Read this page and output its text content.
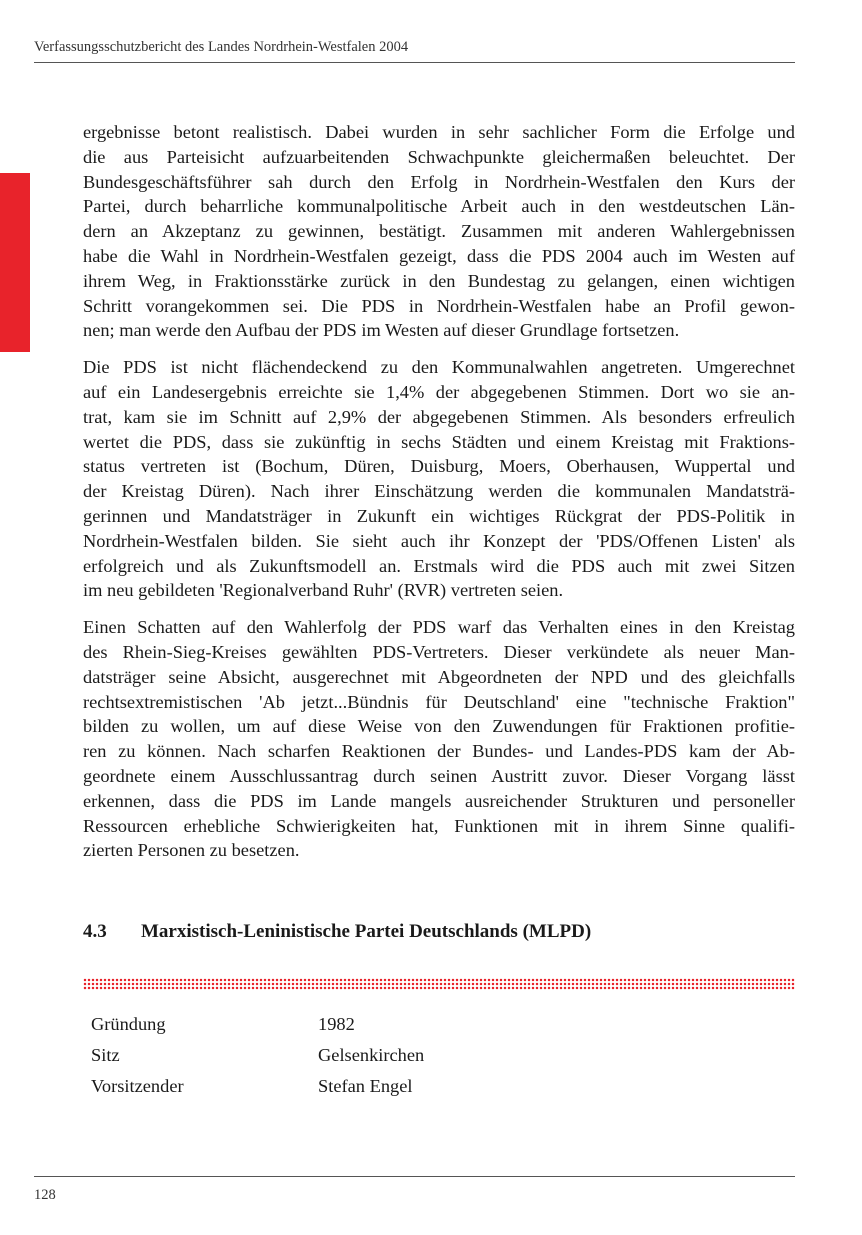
Verfassungsschutzbericht des Landes Nordrhein-Westfalen 2004

ergebnisse betont realistisch. Dabei wurden in sehr sachlicher Form die Erfolge und
die aus Parteisicht aufzuarbeitenden Schwachpunkte gleichermaßen beleuchtet. Der
Bundesgeschäftsführer sah durch den Erfolg in Nordrhein-Westfalen den Kurs der
Partei, durch beharrliche kommunalpolitische Arbeit auch in den westdeutschen Län-
dern an Akzeptanz zu gewinnen, bestätigt. Zusammen mit anderen Wahlergebnissen
habe die Wahl in Nordrhein-Westfalen gezeigt, dass die PDS 2004 auch im Westen auf
ihrem Weg, in Fraktionsstärke zurück in den Bundestag zu gelangen, einen wichtigen
Schritt vorangekommen sei. Die PDS in Nordrhein-Westfalen habe an Profil gewon-
nen; man werde den Aufbau der PDS im Westen auf dieser Grundlage fortsetzen.

Die PDS ist nicht flächendeckend zu den Kommunalwahlen angetreten. Umgerechnet
auf ein Landesergebnis erreichte sie 1,4% der abgegebenen Stimmen. Dort wo sie an-
trat, kam sie im Schnitt auf 2,9% der abgegebenen Stimmen. Als besonders erfreulich
wertet die PDS, dass sie zukünftig in sechs Städten und einem Kreistag mit Fraktions-
status vertreten ist (Bochum, Düren, Duisburg, Moers, Oberhausen, Wuppertal und
der Kreistag Düren). Nach ihrer Einschätzung werden die kommunalen Mandatsträ-
gerinnen und Mandatsträger in Zukunft ein wichtiges Rückgrat der PDS-Politik in
Nordrhein-Westfalen bilden. Sie sieht auch ihr Konzept der 'PDS/Offenen Listen' als
erfolgreich und als Zukunftsmodell an. Erstmals wird die PDS auch mit zwei Sitzen
im neu gebildeten 'Regionalverband Ruhr' (RVR) vertreten seien.

Einen Schatten auf den Wahlerfolg der PDS warf das Verhalten eines in den Kreistag
des Rhein-Sieg-Kreises gewählten PDS-Vertreters. Dieser verkündete als neuer Man-
datsträger seine Absicht, ausgerechnet mit Abgeordneten der NPD und des gleichfalls
rechtsextremistischen 'Ab jetzt...Bündnis für Deutschland' eine "technische Fraktion"
bilden zu wollen, um auf diese Weise von den Zuwendungen für Fraktionen profitie-
ren zu können. Nach scharfen Reaktionen der Bundes- und Landes-PDS kam der Ab-
geordnete einem Ausschlussantrag durch seinen Austritt zuvor. Dieser Vorgang lässt
erkennen, dass die PDS im Lande mangels ausreichender Strukturen und personeller
Ressourcen erhebliche Schwierigkeiten hat, Funktionen mit in ihrem Sinne qualifi-
zierten Personen zu besetzen.

4.3	Marxistisch-Leninistische Partei Deutschlands (MLPD)
Gründung	1982
Sitz	Gelsenkirchen
Vorsitzender	Stefan Engel
128
